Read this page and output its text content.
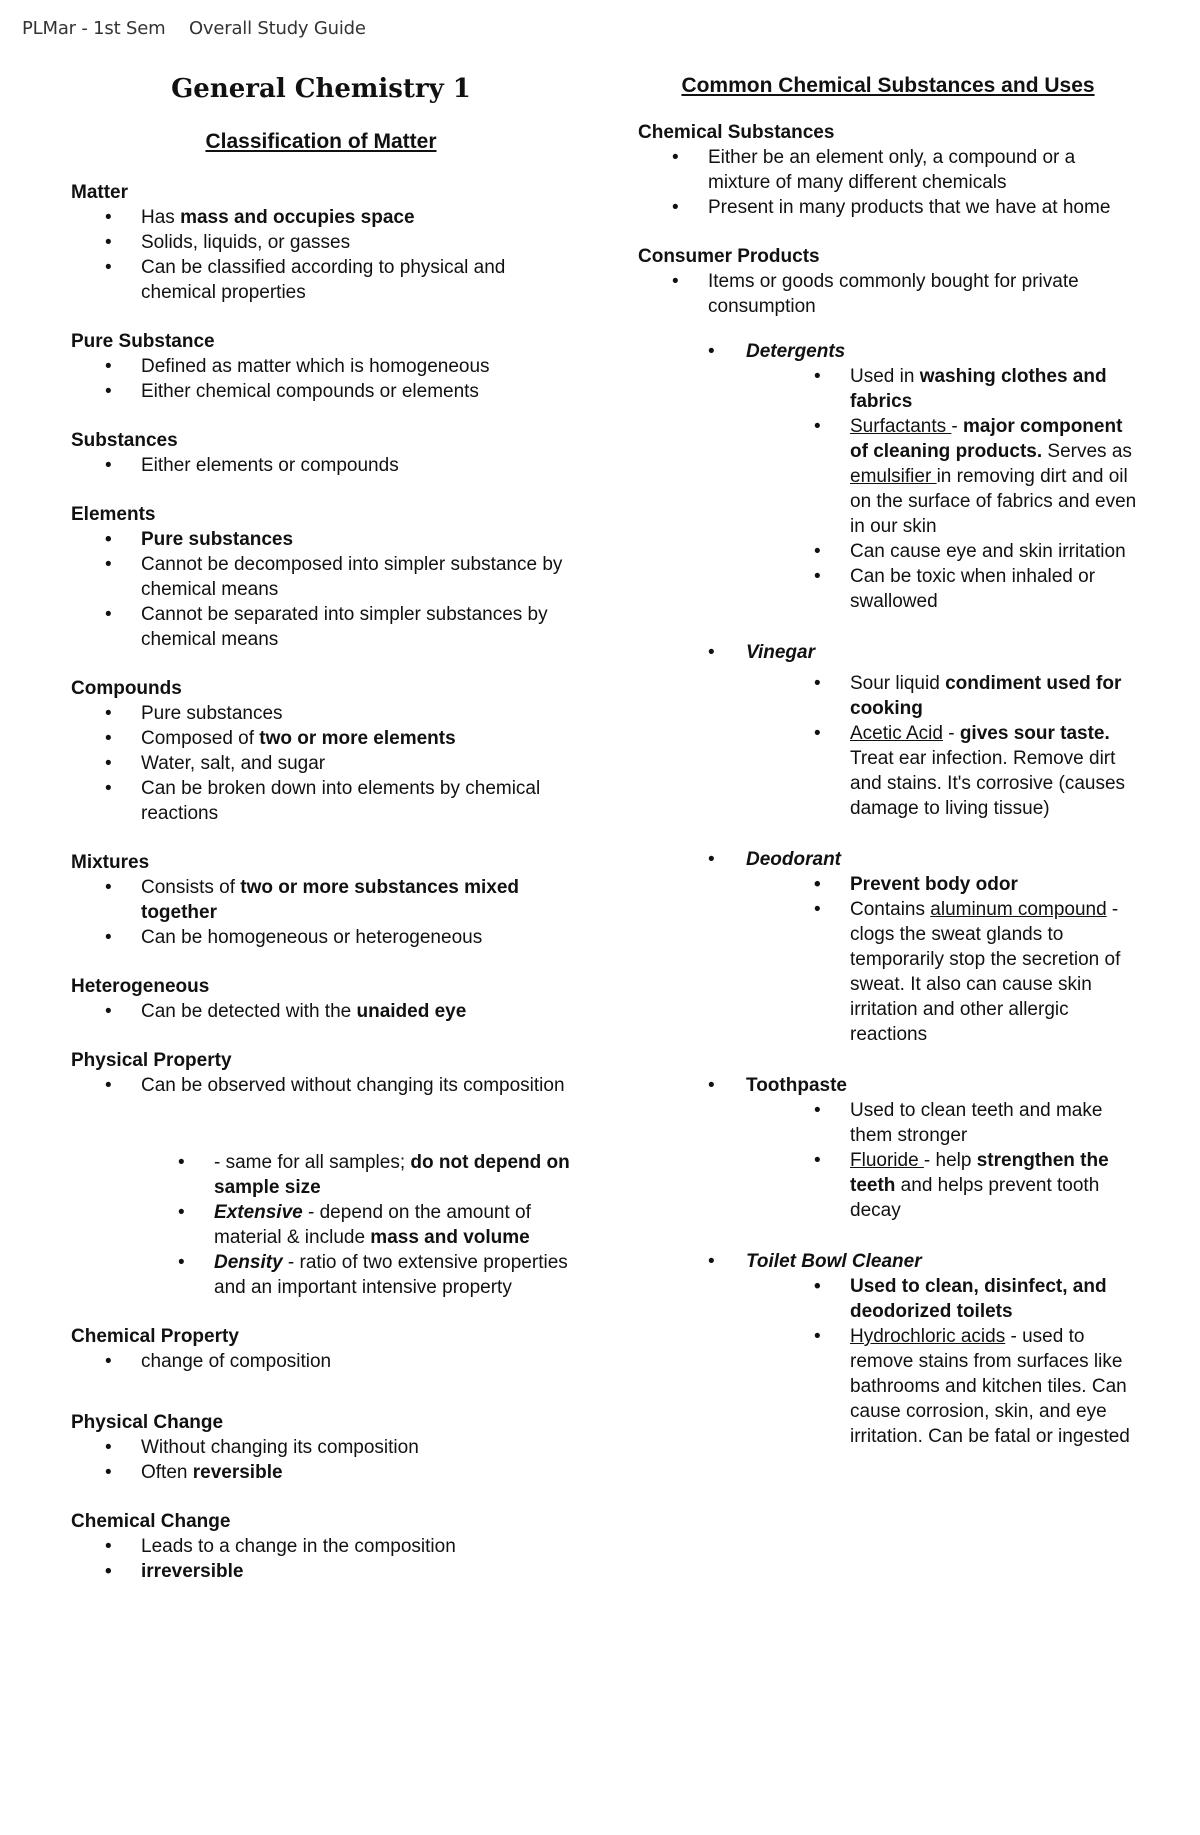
PLMar - 1st Sem Overall Study Guide
General Chemistry 1
Classification of Matter
Matter
• Has mass and occupies space
• Solids, liquids, or gasses
• Can be classified according to physical and chemical properties
Pure Substance
• Defined as matter which is homogeneous
• Either chemical compounds or elements
Substances
• Either elements or compounds
Elements
• Pure substances
• Cannot be decomposed into simpler substance by chemical means
• Cannot be separated into simpler substances by chemical means
Compounds
• Pure substances
• Composed of two or more elements
• Water, salt, and sugar
• Can be broken down into elements by chemical reactions
Mixtures
• Consists of two or more substances mixed together
• Can be homogeneous or heterogeneous
Heterogeneous
• Can be detected with the unaided eye
Physical Property
• Can be observed without changing its composition
• - same for all samples; do not depend on sample size
• Extensive - depend on the amount of material & include mass and volume
• Density - ratio of two extensive properties and an important intensive property
Chemical Property
• change of composition
Physical Change
• Without changing its composition
• Often reversible
Chemical Change
• Leads to a change in the composition
• irreversible
Common Chemical Substances and Uses
Chemical Substances
• Either be an element only, a compound or a mixture of many different chemicals
• Present in many products that we have at home
Consumer Products
• Items or goods commonly bought for private consumption
• Detergents
• Used in washing clothes and fabrics
• Surfactants - major component of cleaning products. Serves as emulsifier in removing dirt and oil on the surface of fabrics and even in our skin
• Can cause eye and skin irritation
• Can be toxic when inhaled or swallowed
• Vinegar
• Sour liquid condiment used for cooking
• Acetic Acid - gives sour taste. Treat ear infection. Remove dirt and stains. It's corrosive (causes damage to living tissue)
• Deodorant
• Prevent body odor
• Contains aluminum compound - clogs the sweat glands to temporarily stop the secretion of sweat. It also can cause skin irritation and other allergic reactions
• Toothpaste
• Used to clean teeth and make them stronger
• Fluoride - help strengthen the teeth and helps prevent tooth decay
• Toilet Bowl Cleaner
• Used to clean, disinfect, and deodorized toilets
• Hydrochloric acids - used to remove stains from surfaces like bathrooms and kitchen tiles. Can cause corrosion, skin, and eye irritation. Can be fatal or ingested
